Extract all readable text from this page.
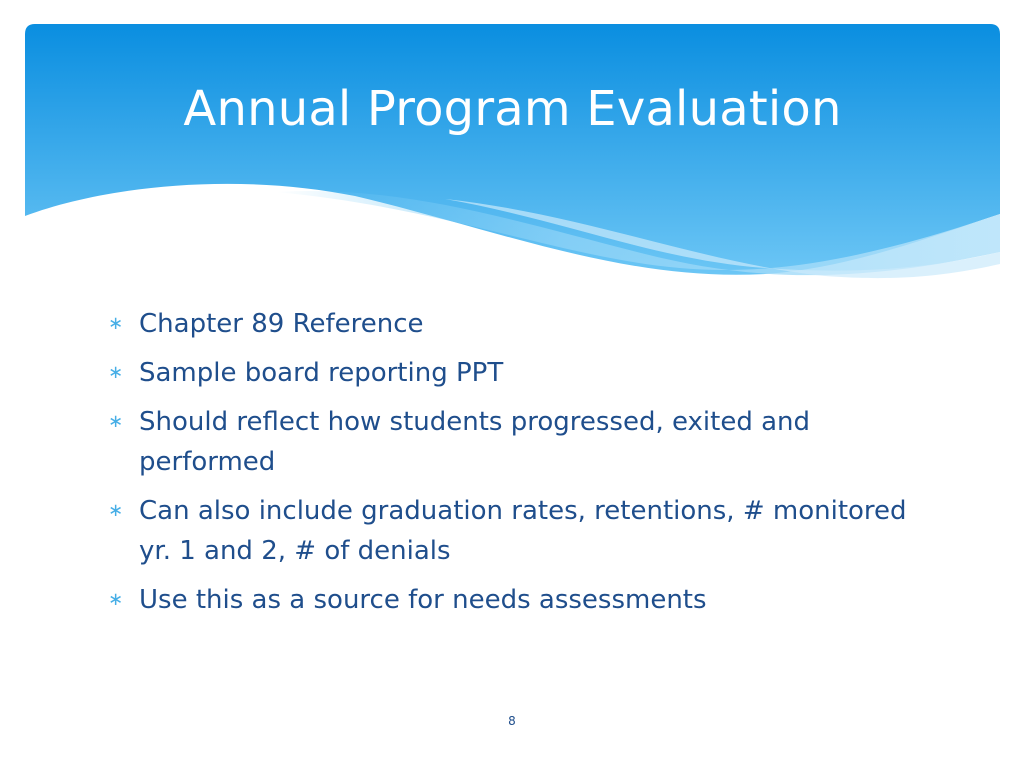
Annual Program Evaluation
∗ Chapter 89 Reference
∗ Sample board reporting PPT
∗ Should reflect how students progressed, exited and performed
∗ Can also include graduation rates, retentions, # monitored yr. 1 and 2, # of denials
∗ Use this as a source for needs assessments
8
